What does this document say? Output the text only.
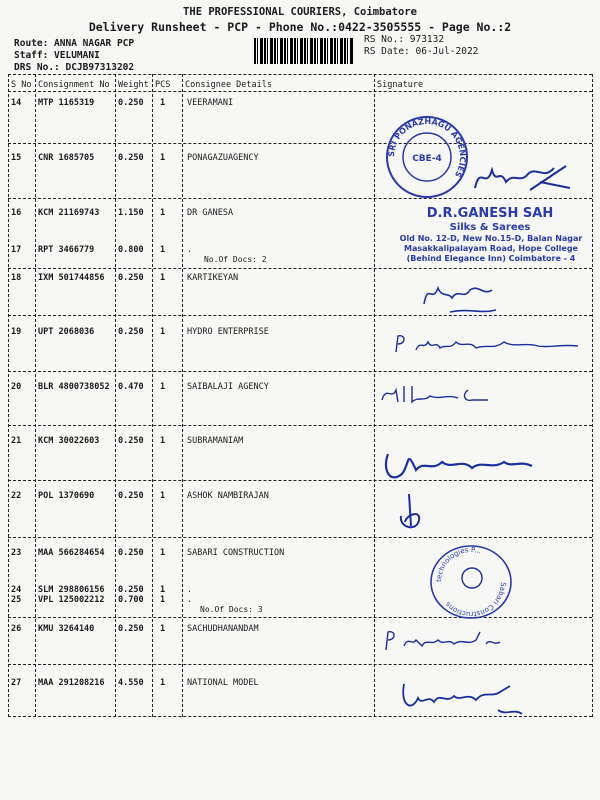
THE PROFESSIONAL COURIERS, Coimbatore
Delivery Runsheet - PCP - Phone No.:0422-3505555 - Page No.:2
Route: ANNA NAGAR PCP
Staff: VELUMANI
DRS No.: DCJB97313202
RS No.: 973132
RS Date: 06-Jul-2022
S No Consignment No Weight PCS Consignee Details	Signature
14 MTP 1165319	0.250 1	VEERAMANI
15 CNR 1685705	0.250 1	PONAGAZUAGENCY
16 KCM 21169743 1.150 1	DR GANESA
17 RPT 3466779	0.800 1	.
18 IXM 501744856 0.250 1	KARTIKEYAN
19 UPT 2068036	0.250 1	HYDRO ENTERPRISE
20 BLR 4800738052 0.470 1	SAIBALAJI AGENCY
21 KCM 30022603 0.250 1	SUBRAMANIAM
22 POL 1370690	0.250 1	ASHOK NAMBIRAJAN
23 MAA 566284654 0.250 1	SABARI CONSTRUCTION
24 SLM 298806156 0.250 1	.
25 VPL 125002212 0.700 1	.
26 KMU 3264140	0.250 1	SACHUDHANANDAM
27 MAA 291208216 4.550 1	NATIONAL MODEL
No.Of Docs: 2
No.Of Docs: 3
SRI PONAZHAGU AGENCIES
CBE-4
D.R.GANESH SAH
Silks & Sarees
Old No. 12-D, New No.15-D, Balan Nagar
Masakkalipalayam Road, Hope College
(Behind Elegance Inn) Coimbatore - 4
technologies P...
Sabari Constructions
